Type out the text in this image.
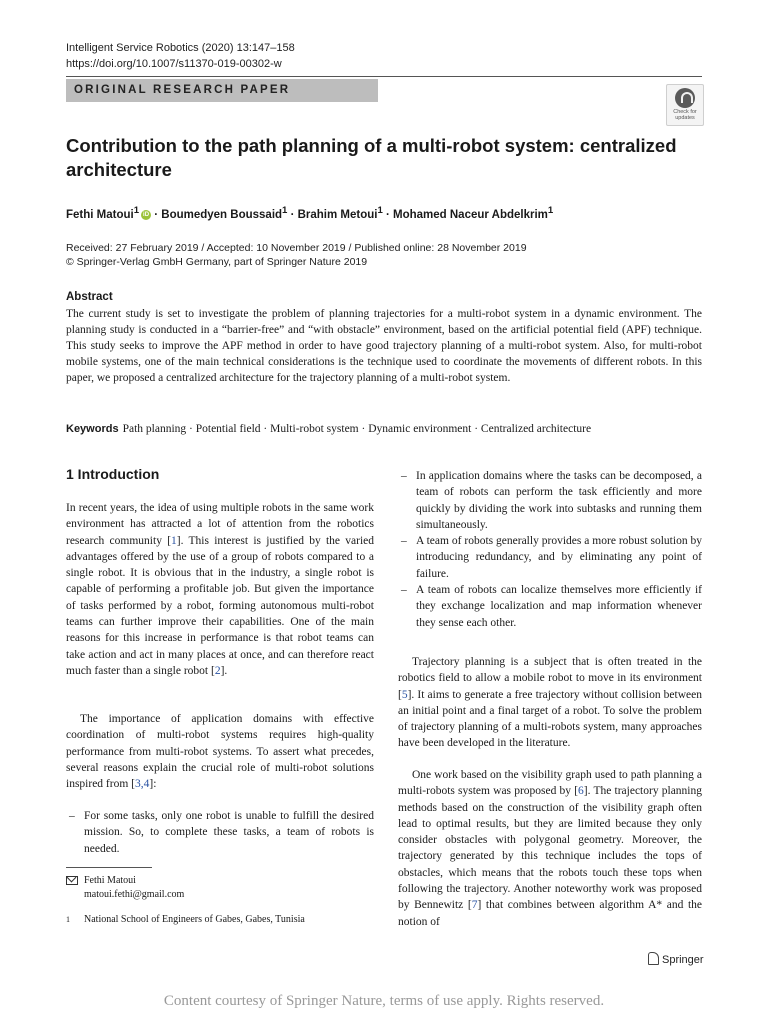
Intelligent Service Robotics (2020) 13:147–158
https://doi.org/10.1007/s11370-019-00302-w
ORIGINAL RESEARCH PAPER
Check for
updates
Contribution to the path planning of a multi-robot system: centralized architecture
Fethi Matoui$^1$ iD · Boumedyen Boussaid$^1$ · Brahim Metoui$^1$ · Mohamed Naceur Abdelkrim$^1$
Received: 27 February 2019 / Accepted: 10 November 2019 / Published online: 28 November 2019
© Springer-Verlag GmbH Germany, part of Springer Nature 2019
Abstract
The current study is set to investigate the problem of planning trajectories for a multi-robot system in a dynamic environment. The planning study is conducted in a “barrier-free” and “with obstacle” environment, based on the artificial potential field (APF) technique. This study seeks to improve the APF method in order to have good trajectory planning of a multi-robot system. Also, for multi-robot mobile systems, one of the main technical considerations is the technique used to coordinate the movements of different robots. In this paper, we proposed a centralized architecture for the trajectory planning of a multi-robot system.
Keywords Path planning · Potential field · Multi-robot system · Dynamic environment · Centralized architecture
1 Introduction

In recent years, the idea of using multiple robots in the same work environment has attracted a lot of attention from the robotics research community [1]. This interest is justified by the varied advantages offered by the use of a group of robots compared to a single robot. It is obvious that in the industry, a single robot is capable of performing a profitable job. But given the importance of tasks performed by a robot, forming autonomous multi-robot teams can further improve their capabilities. One of the main reasons for this increase in performance is that robot teams can take action and act in many places at once, and can therefore react much faster than a single robot [2].

The importance of application domains with effective coordination of multi-robot systems requires high-quality performance from multi-robot systems. To assert what precedes, several reasons explain the crucial role of multi-robot solutions inspired from [3,4]:

– For some tasks, only one robot is unable to fulfill the desired mission. So, to complete these tasks, a team of robots is needed.

Fethi Matoui
matoui.fethi@gmail.com
1 National School of Engineers of Gabes, Gabes, Tunisia

– In application domains where the tasks can be decomposed, a team of robots can perform the task efficiently and more quickly by dividing the work into subtasks and running them simultaneously.

– A team of robots generally provides a more robust solution by introducing redundancy, and by eliminating any point of failure.

– A team of robots can localize themselves more efficiently if they exchange localization and map information whenever they sense each other.

Trajectory planning is a subject that is often treated in the robotics field to allow a mobile robot to move in its environment [5]. It aims to generate a free trajectory without collision between an initial point and a final target of a robot. To solve the problem of trajectory planning of a multi-robots system, many approaches have been developed in the literature.

One work based on the visibility graph used to path planning a multi-robots system was proposed by [6]. The trajectory planning methods based on the construction of the visibility graph often lead to optimal results, but they are limited because they only consider obstacles with polygonal geometry. Moreover, the trajectory generated by this technique includes the tops of obstacles, which means that the robots touch these tops when following the trajectory. Another noteworthy work was proposed by Bennewitz [7] that combines between algorithm A* and the notion of

Springer
Content courtesy of Springer Nature, terms of use apply. Rights reserved.
